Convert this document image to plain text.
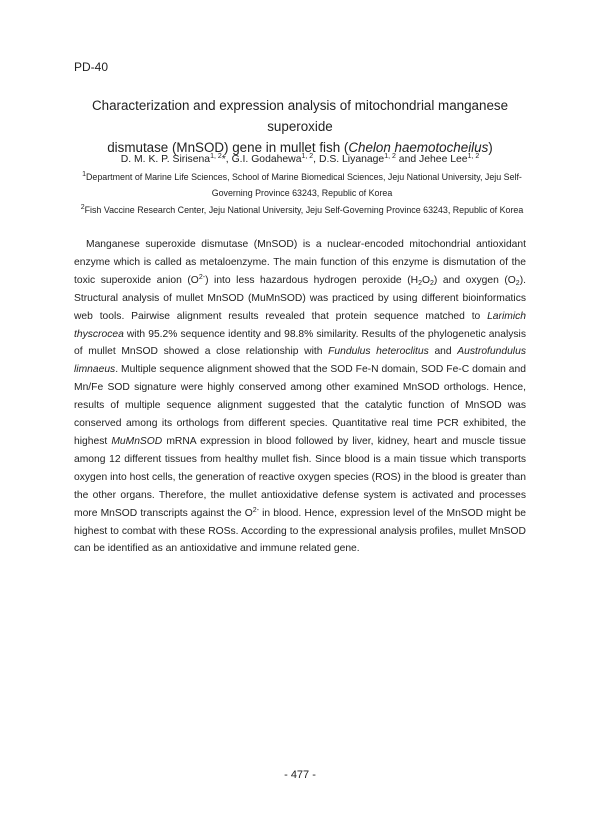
PD-40
Characterization and expression analysis of mitochondrial manganese superoxide
dismutase (MnSOD) gene in mullet fish (Chelon haemotocheilus)
D. M. K. P. Sirisena$^{1, 2}$*, G.I. Godahewa$^{1, 2}$, D.S. Liyanage$^{1, 2}$ and Jehee Lee$^{1, 2}$
$^1$Department of Marine Life Sciences, School of Marine Biomedical Sciences, Jeju National University, Jeju Self-Governing Province 63243, Republic of Korea
$^2$Fish Vaccine Research Center, Jeju National University, Jeju Self-Governing Province 63243, Republic of Korea

Manganese superoxide dismutase (MnSOD) is a nuclear-encoded mitochondrial antioxidant enzyme which is called as metaloenzyme. The main function of this enzyme is dismutation of the toxic superoxide anion $(O^{2-})$ into less hazardous hydrogen peroxide $(H_2O_2)$ and oxygen $(O_2)$. Structural analysis of mullet MnSOD (MuMnSOD) was practiced by using different bioinformatics web tools. Pairwise alignment results revealed that protein sequence matched to Larimich thyscrocea with 95.2% sequence identity and 98.8% similarity. Results of the phylogenetic analysis of mullet MnSOD showed a close relationship with Fundulus heteroclitus and Austrofundulus limnaeus. Multiple sequence alignment showed that the SOD Fe-N domain, SOD Fe-C domain and Mn/Fe SOD signature were highly conserved among other examined MnSOD orthologs. Hence, results of multiple sequence alignment suggested that the catalytic function of MnSOD was conserved among its orthologs from different species. Quantitative real time PCR exhibited, the highest MuMnSOD mRNA expression in blood followed by liver, kidney, heart and muscle tissue among 12 different tissues from healthy mullet fish. Since blood is a main tissue which transports oxygen into host cells, the generation of reactive oxygen species (ROS) in the blood is greater than the other organs. Therefore, the mullet antioxidative defense system is activated and processes more MnSOD transcripts against the $O^{2-}$ in blood. Hence, expression level of the MnSOD might be highest to combat with these ROSs. According to the expressional analysis profiles, mullet MnSOD can be identified as an antioxidative and immune related gene.

- 477 -
